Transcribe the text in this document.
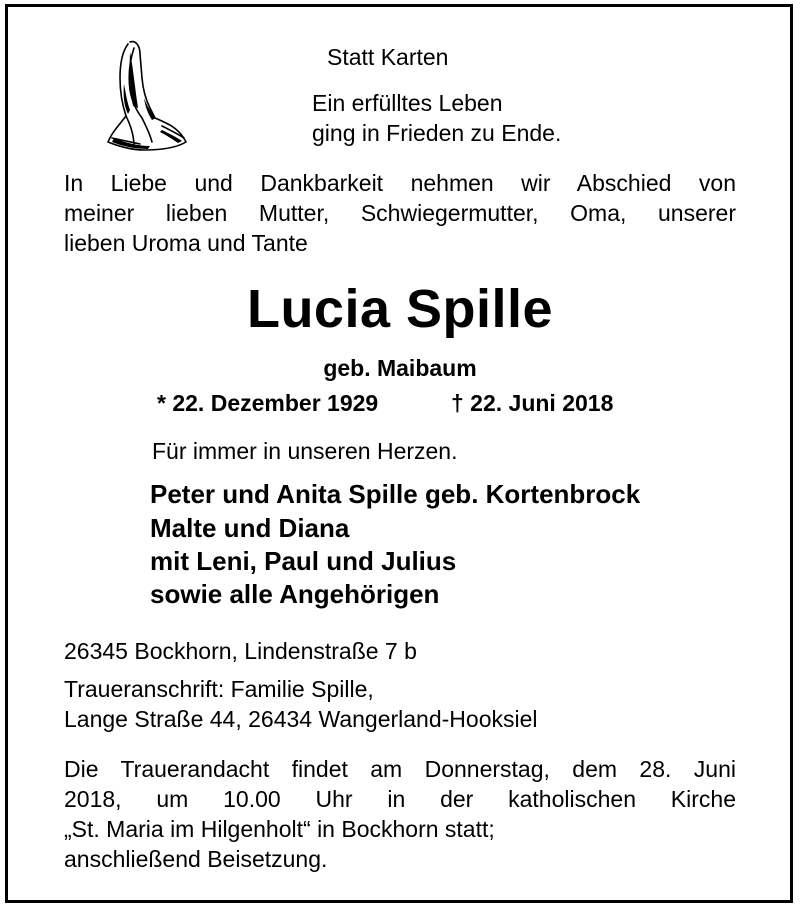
Statt Karten
Ein erfülltes Leben
ging in Frieden zu Ende.
In Liebe und Dankbarkeit nehmen wir Abschied von
meiner lieben Mutter, Schwiegermutter, Oma, unserer
lieben Uroma und Tante
Lucia Spille
geb. Maibaum
* 22. Dezember 1929	† 22. Juni 2018
Für immer in unseren Herzen.
Peter und Anita Spille geb. Kortenbrock
Malte und Diana
mit Leni, Paul und Julius
sowie alle Angehörigen
26345 Bockhorn, Lindenstraße 7 b
Traueranschrift: Familie Spille,
Lange Straße 44, 26434 Wangerland-Hooksiel
Die Trauerandacht findet am Donnerstag, dem 28. Juni
2018, um 10.00 Uhr in der katholischen Kirche
„St. Maria im Hilgenholt“ in Bockhorn statt;
anschließend Beisetzung.
